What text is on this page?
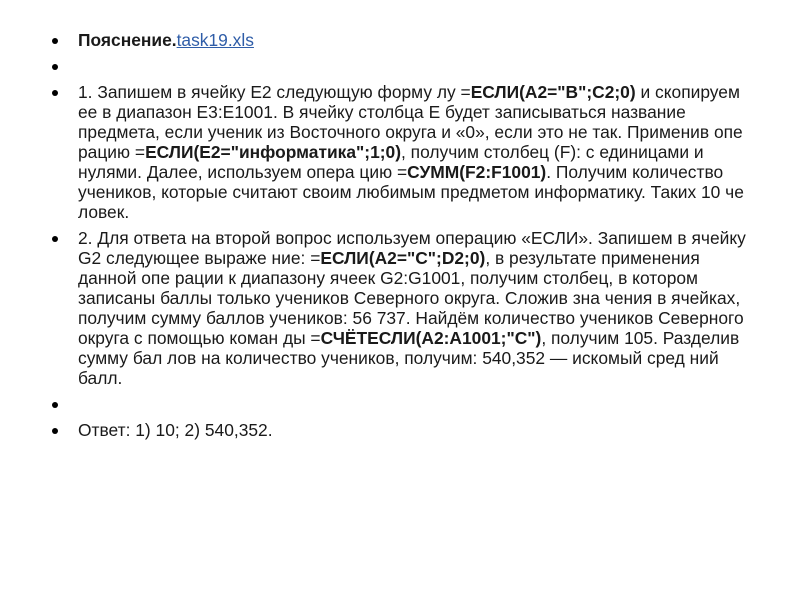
Пояснение.task19.xls
1. Запишем в ячейку E2 следующую форму лу =ЕСЛИ(A2="В";C2;0) и скопируем ее в диапазон E3:E1001. В ячейку столбца E будет записываться название предмета, если ученик из Восточного округа и «0», если это не так. Применив опе рацию =ЕСЛИ(E2="информатика";1;0), получим столбец (F): с единицами и нулями. Далее, используем опера цию =СУММ(F2:F1001). Получим количество учеников, которые считают своим любимым предметом информатику. Таких 10 че ловек.
2. Для ответа на второй вопрос используем операцию «ЕСЛИ». Запишем в ячейку G2 следующее выраже ние: =ЕСЛИ(A2="С";D2;0), в результате применения данной опе рации к диапазону ячеек G2:G1001, получим столбец, в котором записаны баллы только учеников Северного округа. Сложив зна чения в ячейках, получим сумму баллов учеников: 56 737. Найдём количество учеников Северного округа с помощью коман ды =СЧЁТЕСЛИ(A2:A1001;"С"), получим 105. Разделив сумму бал лов на количество учеников, получим: 540,352 — искомый сред ний балл.
Ответ: 1) 10; 2) 540,352.
